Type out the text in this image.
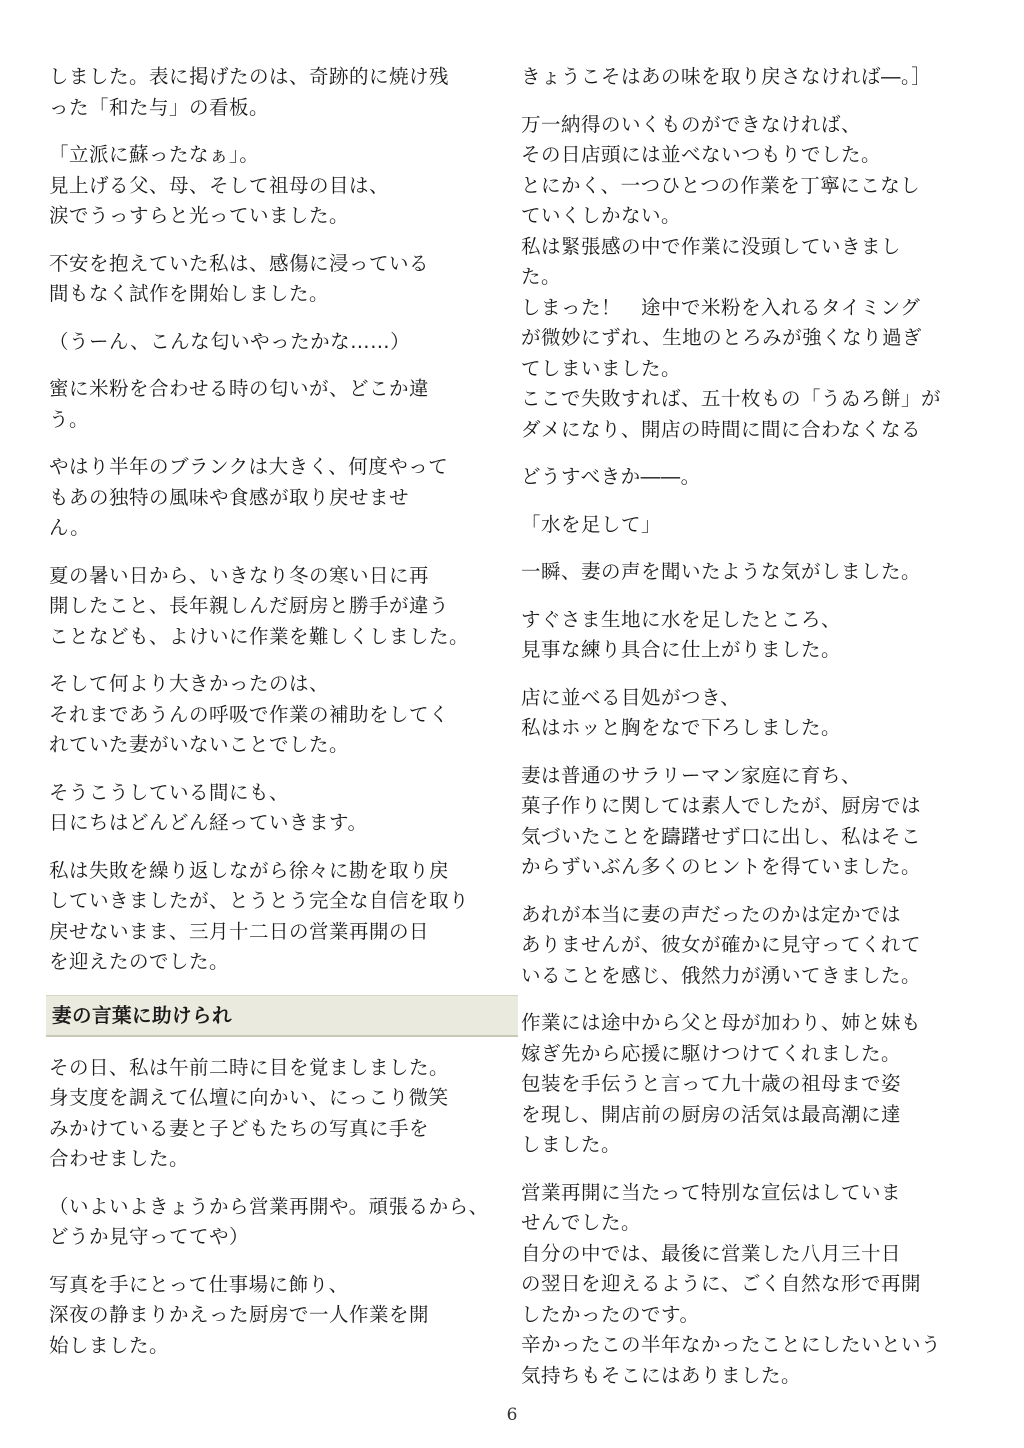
しました。表に掲げたのは、奇跡的に焼け残
った「和た与」の看板。

「立派に蘇ったなぁ」。
見上げる父、母、そして祖母の目は、
涙でうっすらと光っていました。

不安を抱えていた私は、感傷に浸っている
間もなく試作を開始しました。

（うーん、こんな匂いやったかな……）

蜜に米粉を合わせる時の匂いが、どこか違
う。

やはり半年のブランクは大きく、何度やって
もあの独特の風味や食感が取り戻せませ
ん。

夏の暑い日から、いきなり冬の寒い日に再
開したこと、長年親しんだ厨房と勝手が違う
ことなども、よけいに作業を難しくしました。

そして何より大きかったのは、
それまであうんの呼吸で作業の補助をしてく
れていた妻がいないことでした。

そうこうしている間にも、
日にちはどんどん経っていきます。

私は失敗を繰り返しながら徐々に勘を取り戻
していきましたが、とうとう完全な自信を取り
戻せないまま、三月十二日の営業再開の日
を迎えたのでした。

妻の言葉に助けられ

その日、私は午前二時に目を覚ましました。
身支度を調えて仏壇に向かい、にっこり微笑
みかけている妻と子どもたちの写真に手を
合わせました。

（いよいよきょうから営業再開や。頑張るから、
どうか見守っててや）

写真を手にとって仕事場に飾り、
深夜の静まりかえった厨房で一人作業を開
始しました。

きょうこそはあの味を取り戻さなければ―。］

万一納得のいくものができなければ、
その日店頭には並べないつもりでした。
とにかく、一つひとつの作業を丁寧にこなし
ていくしかない。
私は緊張感の中で作業に没頭していきまし
た。
しまった！　途中で米粉を入れるタイミング
が微妙にずれ、生地のとろみが強くなり過ぎ
てしまいました。
ここで失敗すれば、五十枚もの「うゐろ餅」が
ダメになり、開店の時間に間に合わなくなる

どうすべきか――。

「水を足して」

一瞬、妻の声を聞いたような気がしました。

すぐさま生地に水を足したところ、
見事な練り具合に仕上がりました。

店に並べる目処がつき、
私はホッと胸をなで下ろしました。

妻は普通のサラリーマン家庭に育ち、
菓子作りに関しては素人でしたが、厨房では
気づいたことを躊躇せず口に出し、私はそこ
からずいぶん多くのヒントを得ていました。

あれが本当に妻の声だったのかは定かでは
ありませんが、彼女が確かに見守ってくれて
いることを感じ、俄然力が湧いてきました。

作業には途中から父と母が加わり、姉と妹も
嫁ぎ先から応援に駆けつけてくれました。
包装を手伝うと言って九十歳の祖母まで姿
を現し、開店前の厨房の活気は最高潮に達
しました。

営業再開に当たって特別な宣伝はしていま
せんでした。
自分の中では、最後に営業した八月三十日
の翌日を迎えるように、ごく自然な形で再開
したかったのです。
辛かったこの半年なかったことにしたいという
気持ちもそこにはありました。

6
